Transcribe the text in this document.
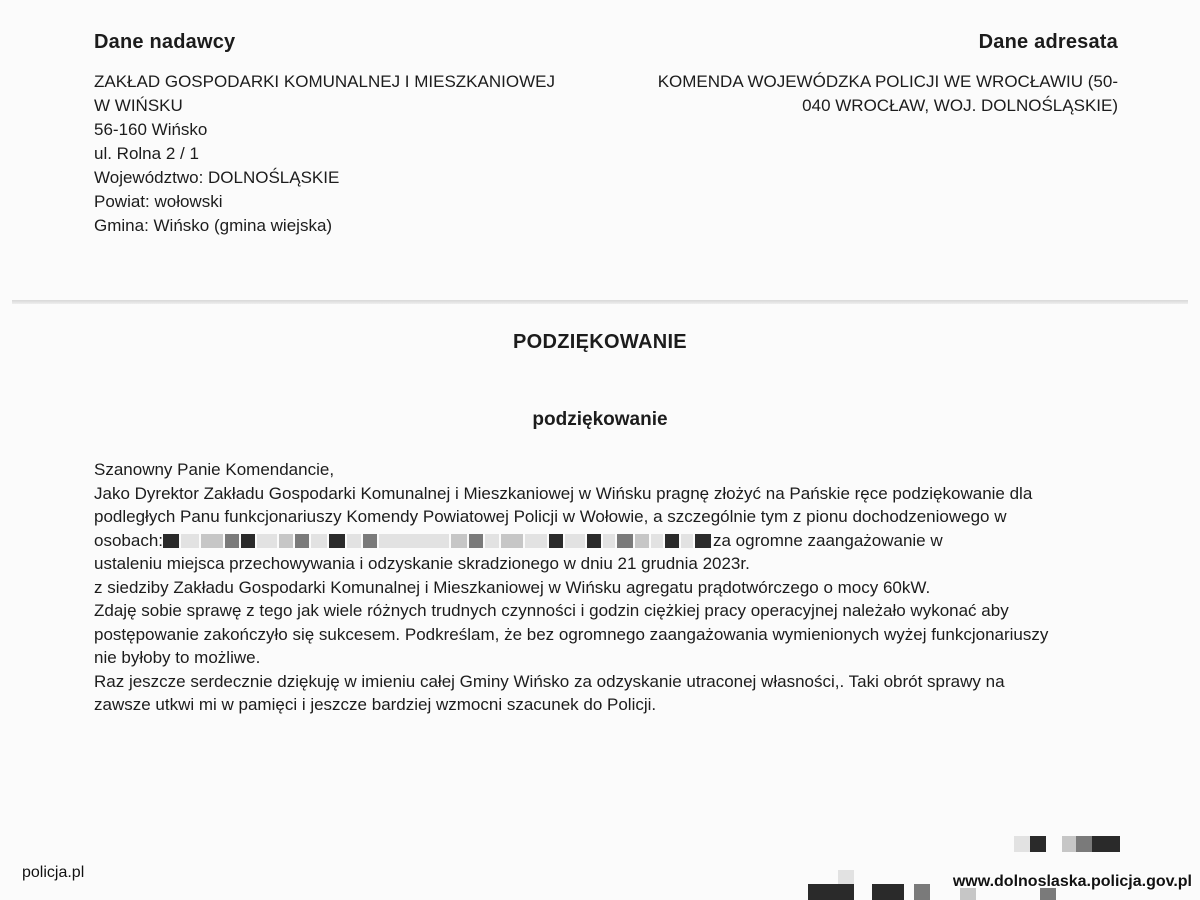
Dane nadawcy	Dane adresata
ZAKŁAD GOSPODARKI KOMUNALNEJ I MIESZKANIOWEJ
W WIŃSKU
56-160 Wińsko
ul. Rolna 2 / 1
Województwo: DOLNOŚLĄSKIE
Powiat: wołowski
Gmina: Wińsko (gmina wiejska)
KOMENDA WOJEWÓDZKA POLICJI WE WROCŁAWIU (50-
040 WROCŁAW, WOJ. DOLNOŚLĄSKIE)
PODZIĘKOWANIE
podziękowanie
Szanowny Panie Komendancie,
Jako Dyrektor Zakładu Gospodarki Komunalnej i Mieszkaniowej w Wińsku pragnę złożyć na Pańskie ręce podziękowanie dla
podległych Panu funkcjonariuszy Komendy Powiatowej Policji w Wołowie, a szczególnie tym z pionu dochodzeniowego w
osobach:	za ogromne zaangażowanie w
ustaleniu miejsca przechowywania i odzyskanie skradzionego w dniu 21 grudnia 2023r.
z siedziby Zakładu Gospodarki Komunalnej i Mieszkaniowej w Wińsku agregatu prądotwórczego o mocy 60kW.
Zdaję sobie sprawę z tego jak wiele różnych trudnych czynności i godzin ciężkiej pracy operacyjnej należało wykonać aby
postępowanie zakończyło się sukcesem. Podkreślam, że bez ogromnego zaangażowania wymienionych wyżej funkcjonariuszy
nie byłoby to możliwe.
Raz jeszcze serdecznie dziękuję w imieniu całej Gminy Wińsko za odzyskanie utraconej własności,. Taki obrót sprawy na
zawsze utkwi mi w pamięci i jeszcze bardziej wzmocni szacunek do Policji.
policja.pl
www.dolnoslaska.policja.gov.pl
